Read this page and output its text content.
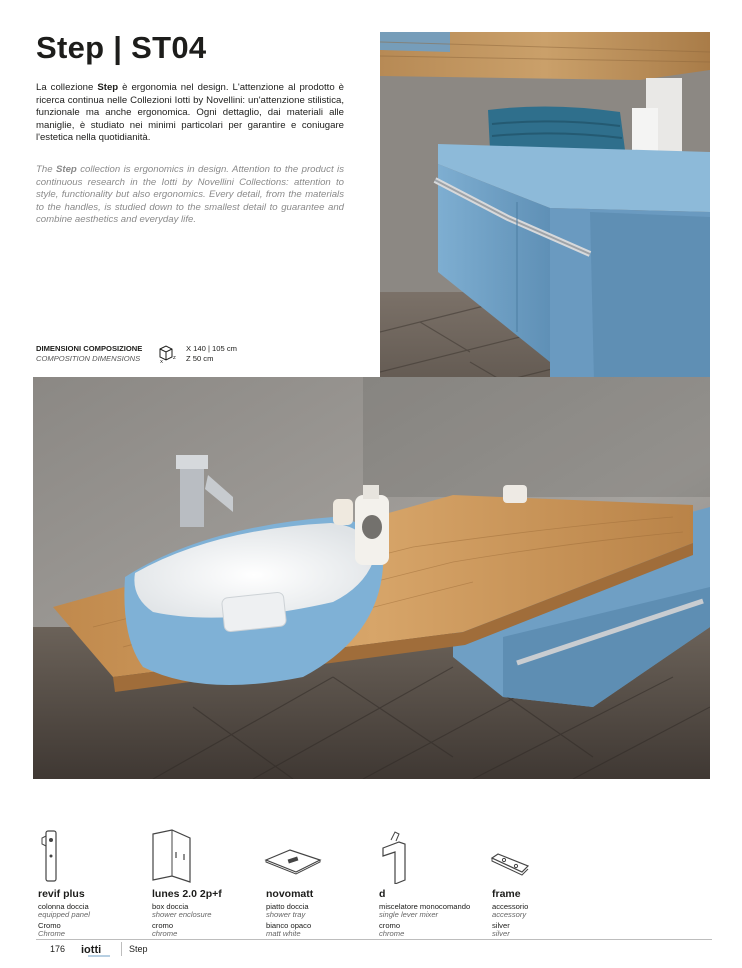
Step | ST04

La collezione Step è ergonomia nel design. L'attenzione al prodotto è ricerca continua nelle Collezioni Iotti by Novellini: un'attenzione stilistica, funzionale ma anche ergonomica. Ogni dettaglio, dai materiali alle maniglie, è studiato nei minimi particolari per garantire e coniugare l'estetica nella quotidianità.

The Step collection is ergonomics in design. Attention to the product is continuous research in the Iotti by Novellini Collections: attention to style, functionality but also ergonomics. Every detail, from the materials to the handles, is studied down to the smallest detail to guarantee and combine aesthetics and everyday life.

DIMENSIONI COMPOSIZIONE
COMPOSITION DIMENSIONS	X
Z
X 140 | 105 cm
Z 50 cm
revif plus
colonna doccia
equipped panel
Cromo
Chrome
lunes 2.0 2p+f
box doccia
shower enclosure
cromo
chrome
novomatt
piatto doccia
shower tray
bianco opaco
matt white
d
miscelatore monocomando
single lever mixer
cromo
chrome
frame
accessorio
accessory
silver
silver
176 iotti	Step
